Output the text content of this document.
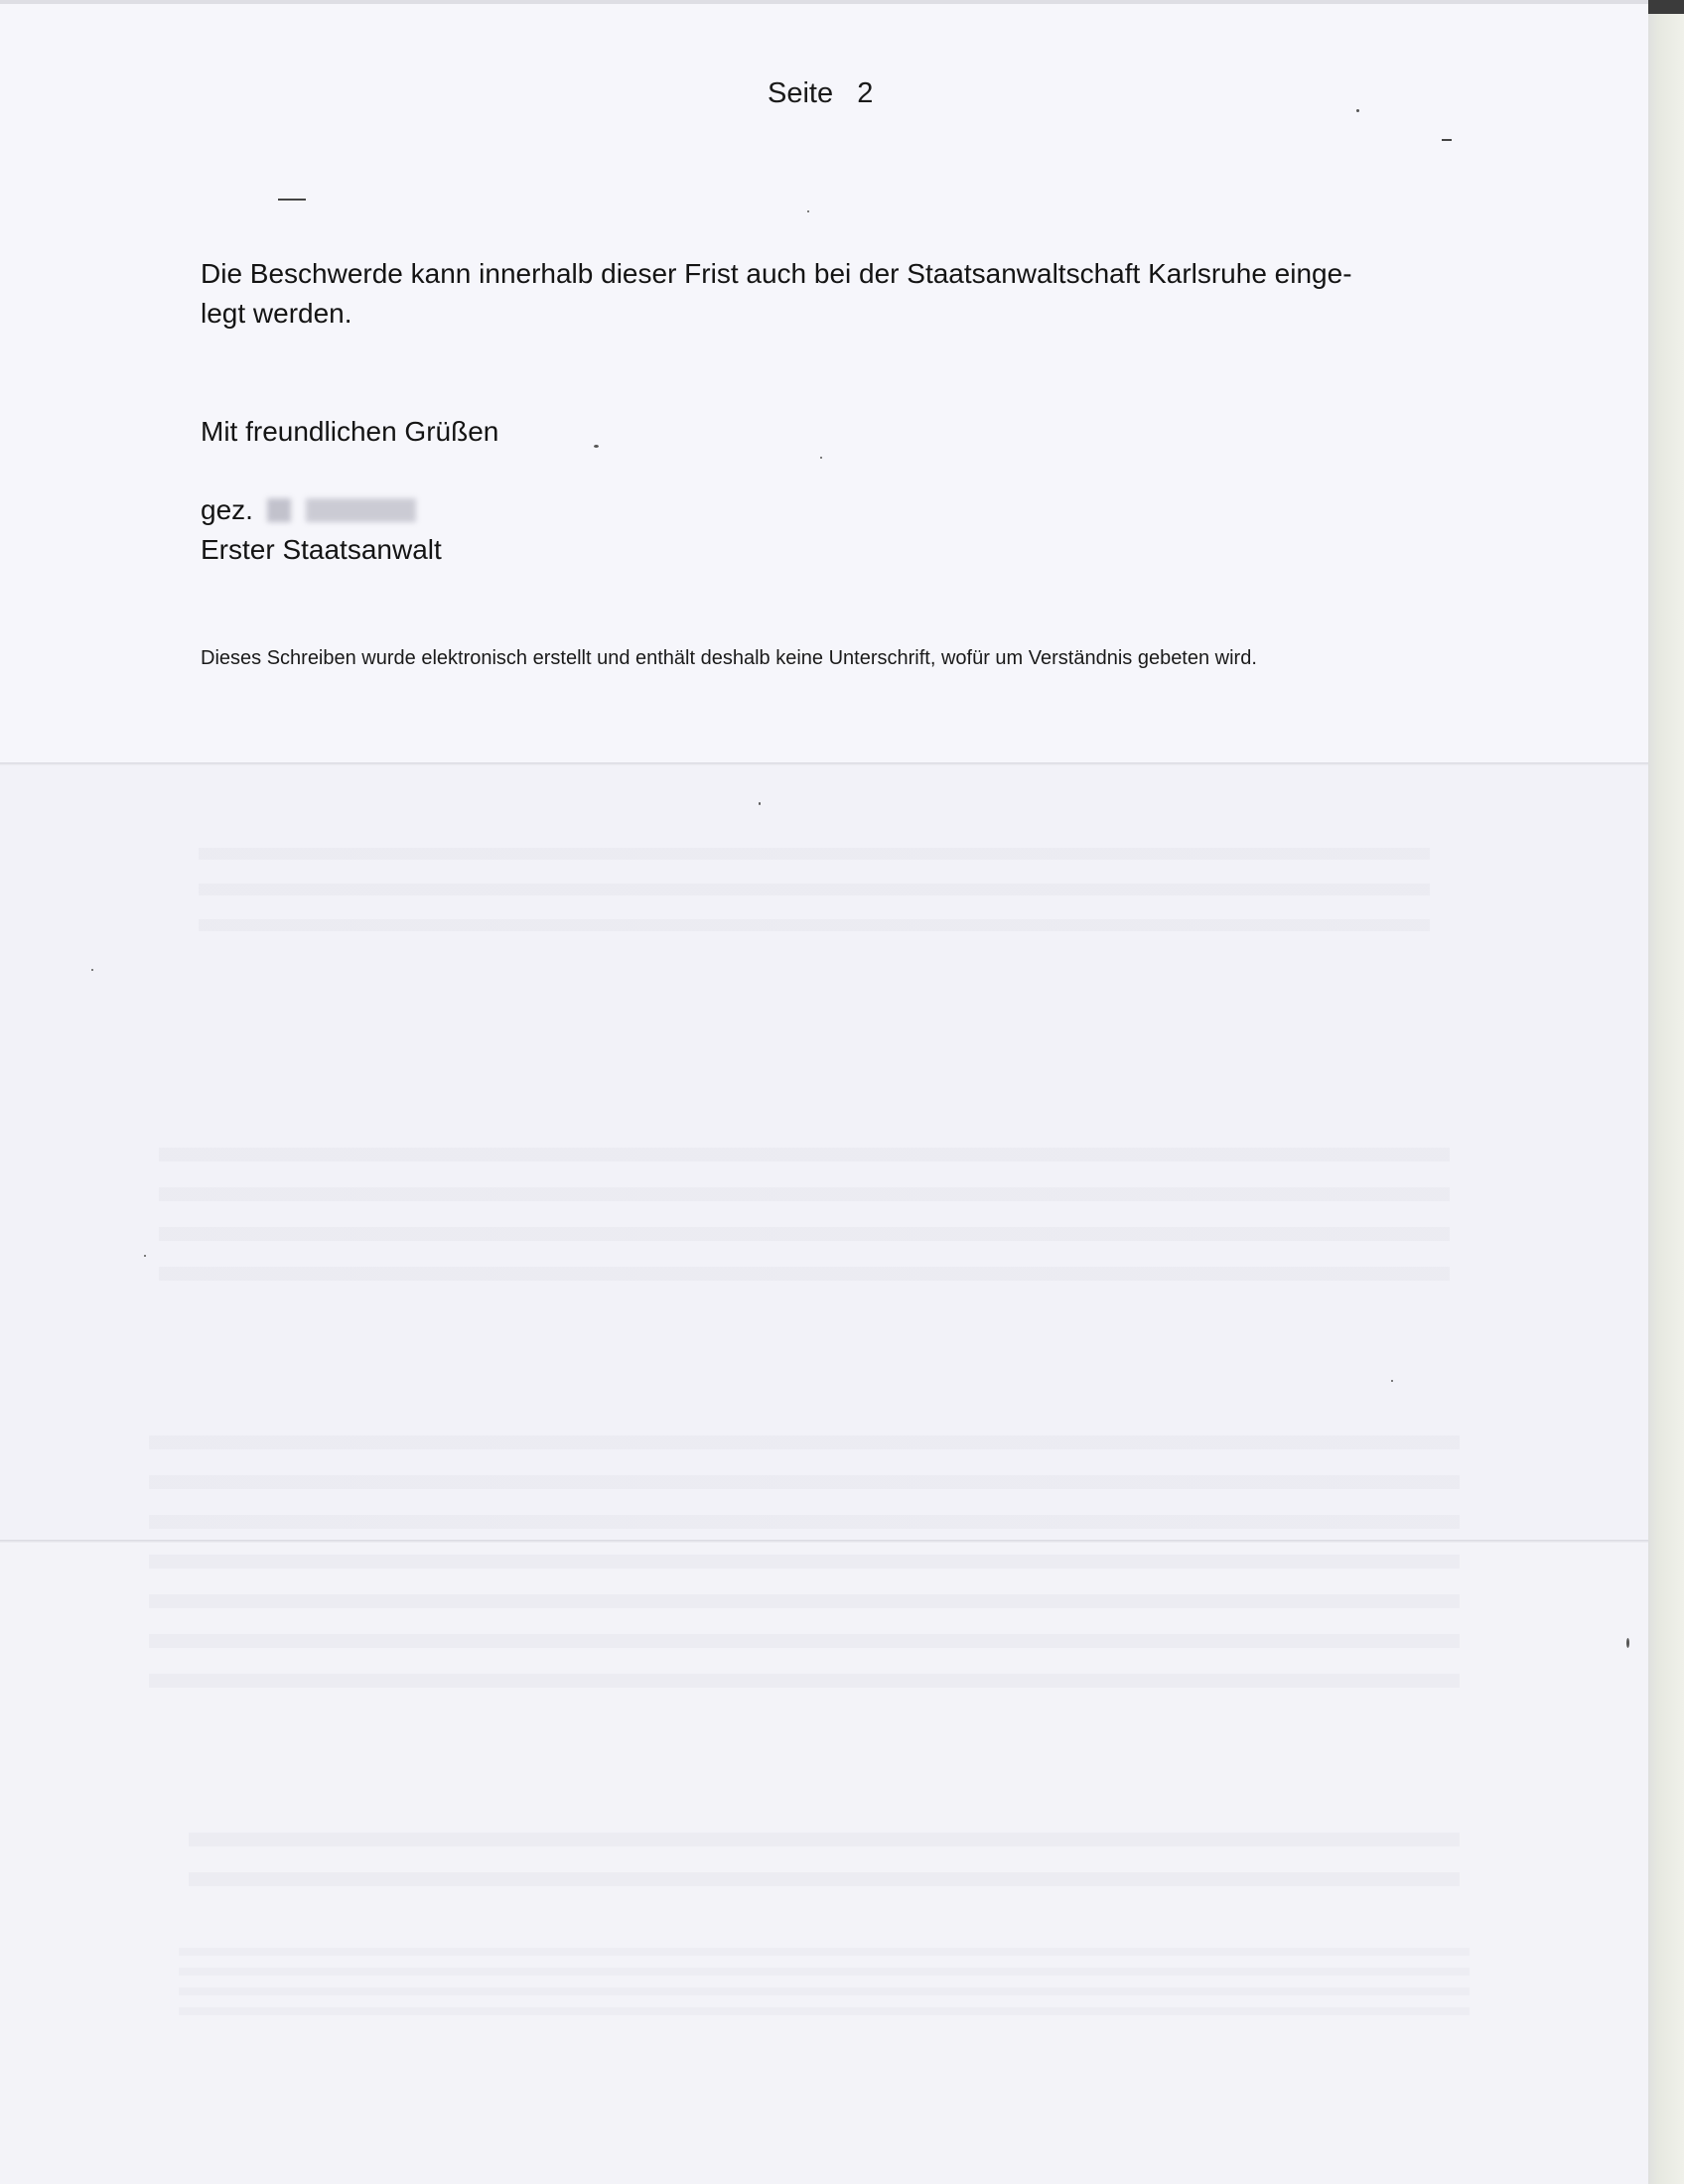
Seite   2
Die Beschwerde kann innerhalb dieser Frist auch bei der Staatsanwaltschaft Karlsruhe einge-
legt werden.
Mit freundlichen Grüßen
gez.
Erster Staatsanwalt
Dieses Schreiben wurde elektronisch erstellt und enthält deshalb keine Unterschrift, wofür um Verständnis gebeten wird.
